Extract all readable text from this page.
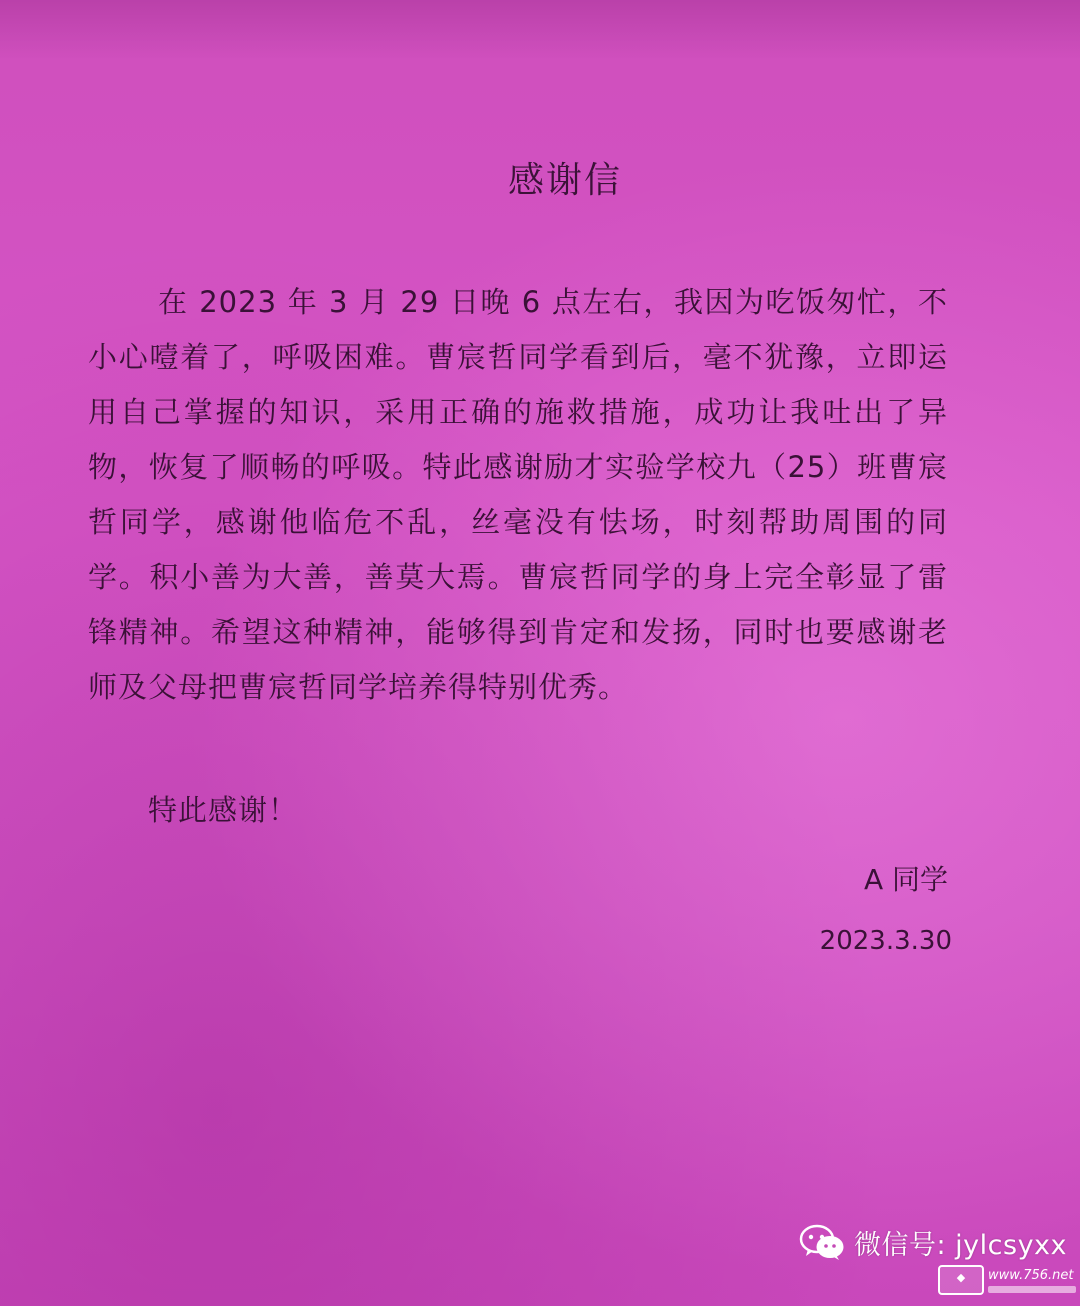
感谢信
在 2023 年 3 月 29 日晚 6 点左右，我因为吃饭匆忙，不小心噎着了，呼吸困难。曹宸哲同学看到后，毫不犹豫，立即运用自己掌握的知识，采用正确的施救措施，成功让我吐出了异物，恢复了顺畅的呼吸。特此感谢励才实验学校九（25）班曹宸哲同学，感谢他临危不乱，丝毫没有怯场，时刻帮助周围的同学。积小善为大善，善莫大焉。曹宸哲同学的身上完全彰显了雷锋精神。希望这种精神，能够得到肯定和发扬，同时也要感谢老师及父母把曹宸哲同学培养得特别优秀。
特此感谢！
A 同学
2023.3.30
微信号: jylcsyxx
◆	www.756.net
